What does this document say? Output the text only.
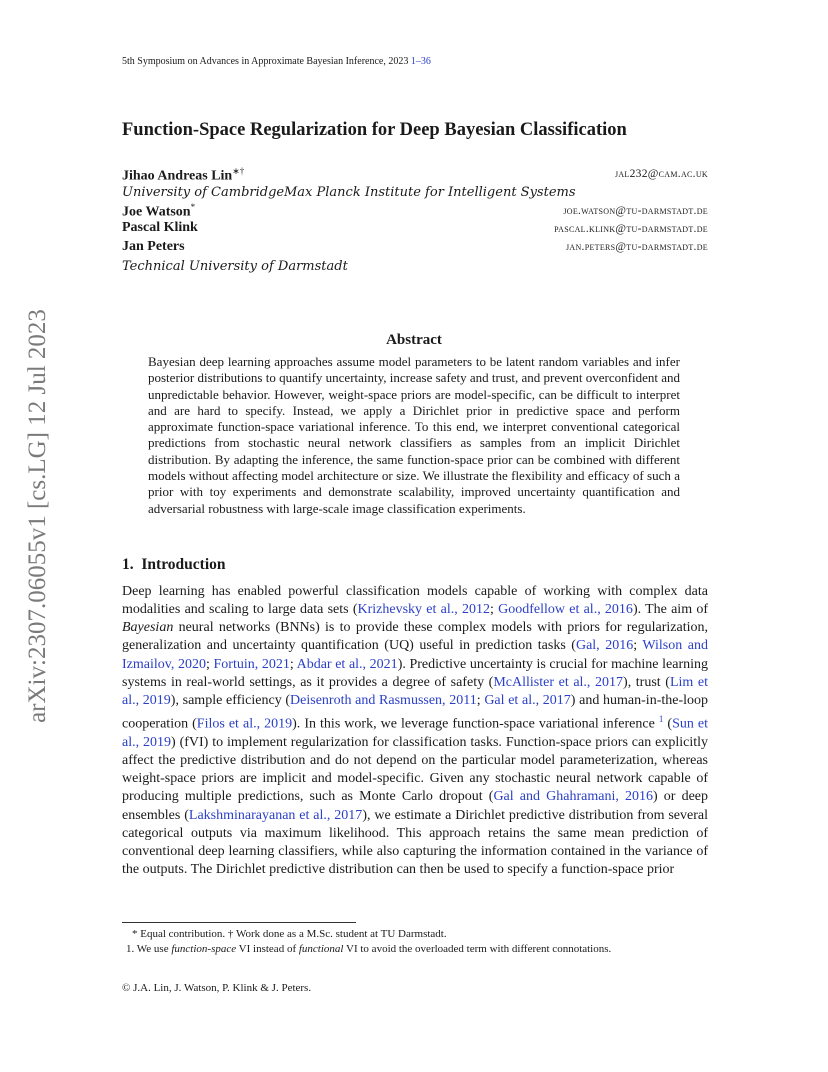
5th Symposium on Advances in Approximate Bayesian Inference, 2023 1–36
Function-Space Regularization for Deep Bayesian Classification
Jihao Andreas Lin∗†	jal232@cam.ac.uk
University of Cambridge Max Planck Institute for Intelligent Systems
Joe Watson*	joe.watson@tu-darmstadt.de
Pascal Klink	pascal.klink@tu-darmstadt.de
Jan Peters	jan.peters@tu-darmstadt.de
Technical University of Darmstadt
arXiv:2307.06055v1 [cs.LG] 12 Jul 2023	Abstract
Bayesian deep learning approaches assume model parameters to be latent random variables and infer posterior distributions to quantify uncertainty, increase safety and trust, and prevent overconfident and unpredictable behavior. However, weight-space priors are model-specific, can be difficult to interpret and are hard to specify. Instead, we apply a Dirichlet prior in predictive space and perform approximate function-space variational inference. To this end, we interpret conventional categorical predictions from stochastic neural network classifiers as samples from an implicit Dirichlet distribution. By adapting the inference, the same function-space prior can be combined with different models without affecting model architecture or size. We illustrate the flexibility and efficacy of such a prior with toy experiments and demonstrate scalability, improved uncertainty quantification and adversarial robustness with large-scale image classification experiments.
1. Introduction
Deep learning has enabled powerful classification models capable of working with complex data modalities and scaling to large data sets (Krizhevsky et al., 2012; Goodfellow et al., 2016). The aim of Bayesian neural networks (BNNs) is to provide these complex models with priors for regularization, generalization and uncertainty quantification (UQ) useful in prediction tasks (Gal, 2016; Wilson and Izmailov, 2020; Fortuin, 2021; Abdar et al., 2021). Predictive uncertainty is crucial for machine learning systems in real-world settings, as it provides a degree of safety (McAllister et al., 2017), trust (Lim et al., 2019), sample efficiency (Deisenroth and Rasmussen, 2011; Gal et al., 2017) and human-in-the-loop cooperation (Filos et al., 2019). In this work, we leverage function-space variational inference $^1$ (Sun et al., 2019) (fVI) to implement regularization for classification tasks. Function-space priors can explicitly affect the predictive distribution and do not depend on the particular model parameterization, whereas weight-space priors are implicit and model-specific. Given any stochastic neural network capable of producing multiple predictions, such as Monte Carlo dropout (Gal and Ghahramani, 2016) or deep ensembles (Lakshminarayanan et al., 2017), we estimate a Dirichlet predictive distribution from several categorical outputs via maximum likelihood. This approach retains the same mean prediction of conventional deep learning classifiers, while also capturing the information contained in the variance of the outputs. The Dirichlet predictive distribution can then be used to specify a function-space prior
* Equal contribution. † Work done as a M.Sc. student at TU Darmstadt.
1. We use function-space VI instead of functional VI to avoid the overloaded term with different connotations.
© J.A. Lin, J. Watson, P. Klink & J. Peters.
